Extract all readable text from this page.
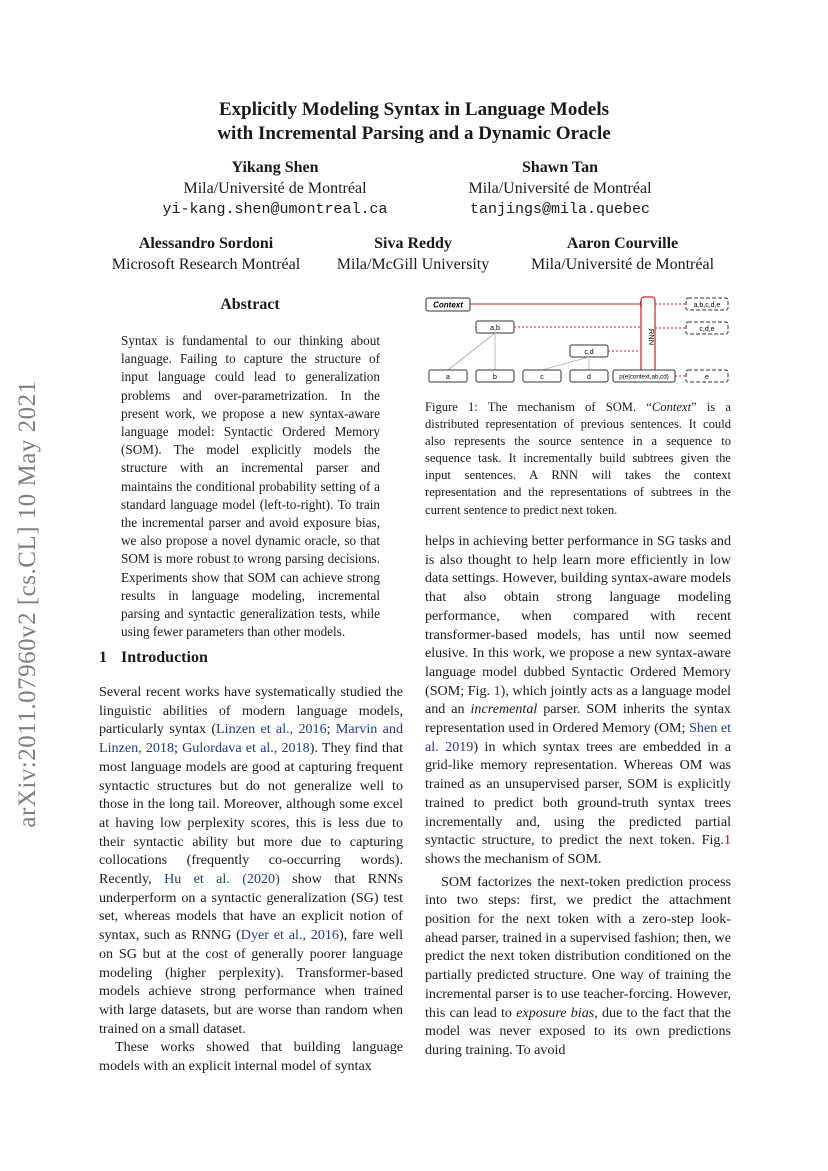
arXiv:2011.07960v2 [cs.CL] 10 May 2021
Explicitly Modeling Syntax in Language Models
with Incremental Parsing and a Dynamic Oracle
Yikang Shen
Mila/Université de Montréal
yi-kang.shen@umontreal.ca
Shawn Tan
Mila/Université de Montréal
tanjings@mila.quebec
Alessandro Sordoni
Microsoft Research Montréal
Siva Reddy
Mila/McGill University
Aaron Courville
Mila/Université de Montréal
Abstract
Syntax is fundamental to our thinking about language. Failing to capture the structure of input language could lead to generalization problems and over-parametrization. In the present work, we propose a new syntax-aware language model: Syntactic Ordered Memory (SOM). The model explicitly models the structure with an incremental parser and maintains the conditional probability setting of a standard language model (left-to-right). To train the incremental parser and avoid exposure bias, we also propose a novel dynamic oracle, so that SOM is more robust to wrong parsing decisions. Experiments show that SOM can achieve strong results in language modeling, incremental parsing and syntactic generalization tests, while using fewer parameters than other models.
1 Introduction

Several recent works have systematically studied the linguistic abilities of modern language models, particularly syntax (Linzen et al., 2016; Marvin and Linzen, 2018; Gulordava et al., 2018). They find that most language models are good at capturing frequent syntactic structures but do not generalize well to those in the long tail. Moreover, although some excel at having low perplexity scores, this is less due to their syntactic ability but more due to capturing collocations (frequently co-occurring words). Recently, Hu et al. (2020) show that RNNs underperform on a syntactic generalization (SG) test set, whereas models that have an explicit notion of syntax, such as RNNG (Dyer et al., 2016), fare well on SG but at the cost of generally poorer language modeling (higher perplexity). Transformer-based models achieve strong performance when trained with large datasets, but are worse than random when trained on a small dataset.

These works showed that building language models with an explicit internal model of syntax

Context
RNN
a,b,c,d,e
c,d,e
e
a,b
c,d
a	b	c	d	p(e|context,ab,cd)
Figure 1: The mechanism of SOM. “Context” is a distributed representation of previous sentences. It could also represents the source sentence in a sequence to sequence task. It incrementally build subtrees given the input sentences. A RNN will takes the context representation and the representations of subtrees in the current sentence to predict next token.

helps in achieving better performance in SG tasks and is also thought to help learn more efficiently in low data settings. However, building syntax-aware models that also obtain strong language modeling performance, when compared with recent transformer-based models, has until now seemed elusive. In this work, we propose a new syntax-aware language model dubbed Syntactic Ordered Memory (SOM; Fig. 1), which jointly acts as a language model and an incremental parser. SOM inherits the syntax representation used in Ordered Memory (OM; Shen et al. 2019) in which syntax trees are embedded in a grid-like memory representation. Whereas OM was trained as an unsupervised parser, SOM is explicitly trained to predict both ground-truth syntax trees incrementally and, using the predicted partial syntactic structure, to predict the next token. Fig.1 shows the mechanism of SOM.

SOM factorizes the next-token prediction process into two steps: first, we predict the attachment position for the next token with a zero-step look-ahead parser, trained in a supervised fashion; then, we predict the next token distribution conditioned on the partially predicted structure. One way of training the incremental parser is to use teacher-forcing. However, this can lead to exposure bias, due to the fact that the model was never exposed to its own predictions during training. To avoid
